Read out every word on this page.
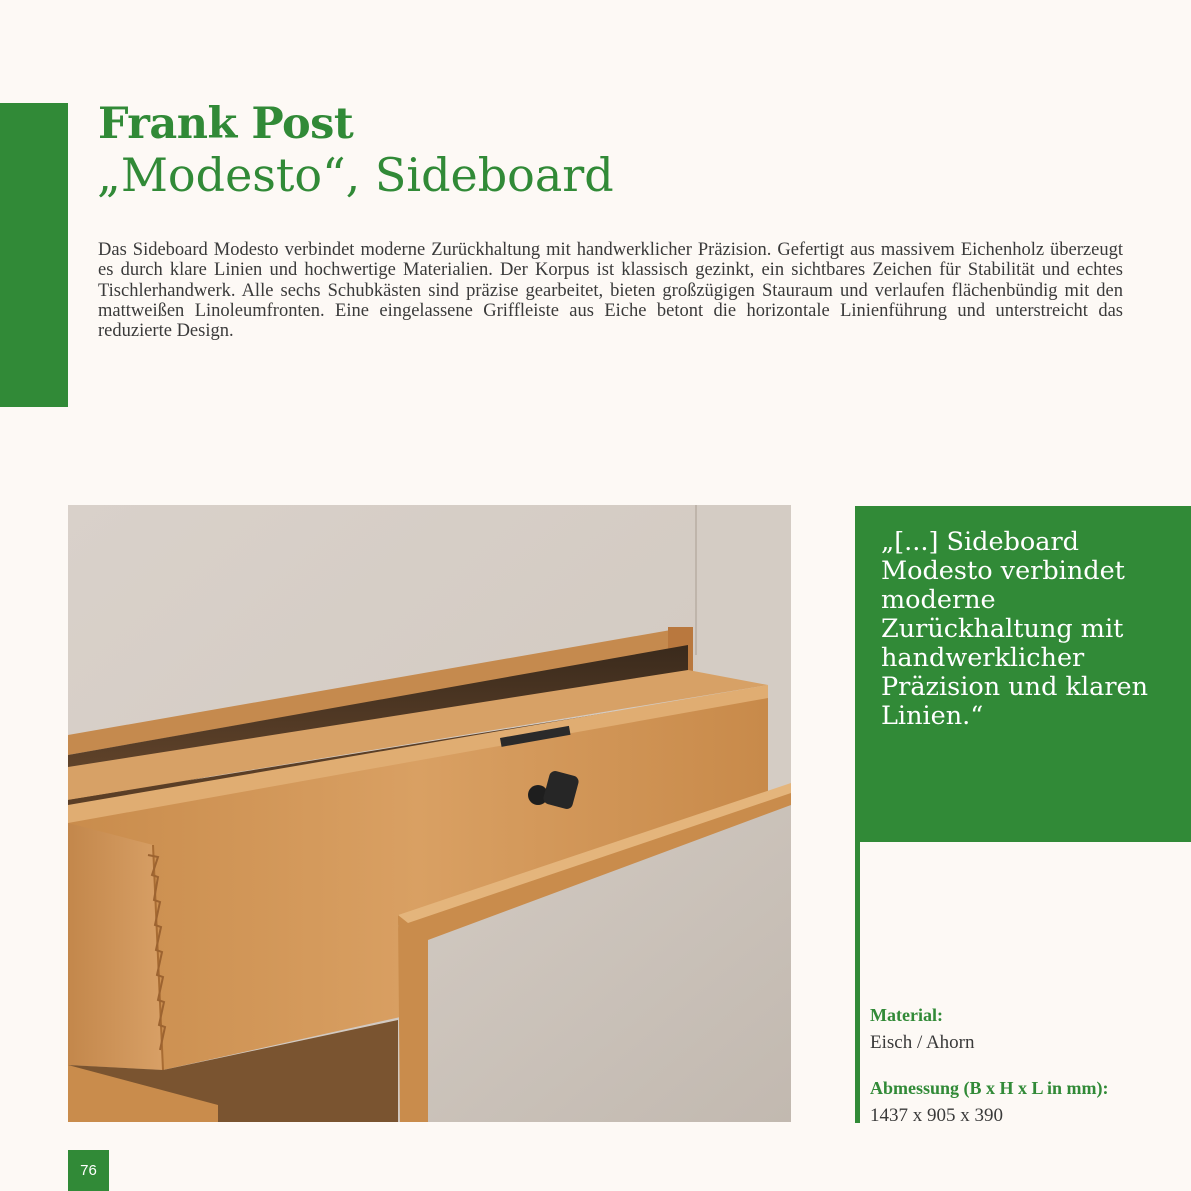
Frank Post
„Modesto“, Sideboard
Das Sideboard Modesto verbindet moderne Zurückhaltung mit handwerklicher Präzision. Gefertigt aus massivem Eichenholz überzeugt es durch klare Linien und hochwertige Materialien. Der Korpus ist klassisch gezinkt, ein sichtbares Zeichen für Stabilität und echtes Tischlerhandwerk. Alle sechs Schubkästen sind präzise gearbeitet, bieten großzügigen Stauraum und verlaufen flächenbündig mit den mattweißen Linoleumfronten. Eine eingelassene Griffleiste aus Eiche betont die horizontale Linienführung und unterstreicht das reduzierte Design.
„[...] Sideboard Modesto verbindet moderne Zurückhaltung mit handwerklicher Präzision und klaren Linien.“
Material:
Eisch / Ahorn
Abmessung (B x H x L in mm):
1437 x 905 x 390
76
